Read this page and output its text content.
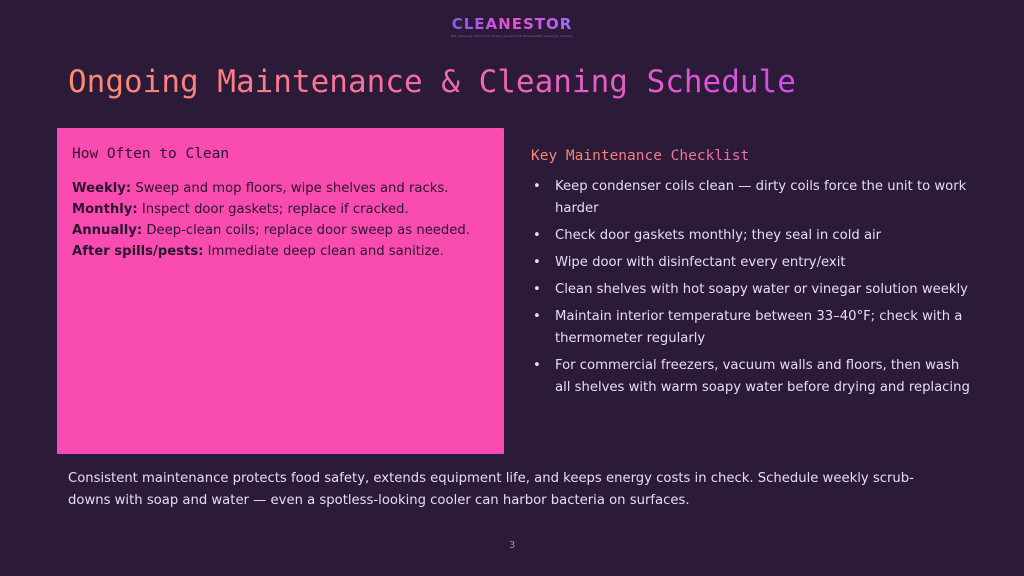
CLEANESTOR
The Cleaning Choice for Every Job and the Wisest Path Cleaning Industry
Ongoing Maintenance & Cleaning Schedule
How Often to Clean
Weekly: Sweep and mop floors, wipe shelves and racks.
Monthly: Inspect door gaskets; replace if cracked.
Annually: Deep-clean coils; replace door sweep as needed.
After spills/pests: Immediate deep clean and sanitize.
Key Maintenance Checklist
• Keep condenser coils clean — dirty coils force the unit to work harder
• Check door gaskets monthly; they seal in cold air
• Wipe door with disinfectant every entry/exit
• Clean shelves with hot soapy water or vinegar solution weekly
• Maintain interior temperature between 33–40°F; check with a thermometer regularly
• For commercial freezers, vacuum walls and floors, then wash all shelves with warm soapy water before drying and replacing

Consistent maintenance protects food safety, extends equipment life, and keeps energy costs in check. Schedule weekly scrub-downs with soap and water — even a spotless-looking cooler can harbor bacteria on surfaces.

3
